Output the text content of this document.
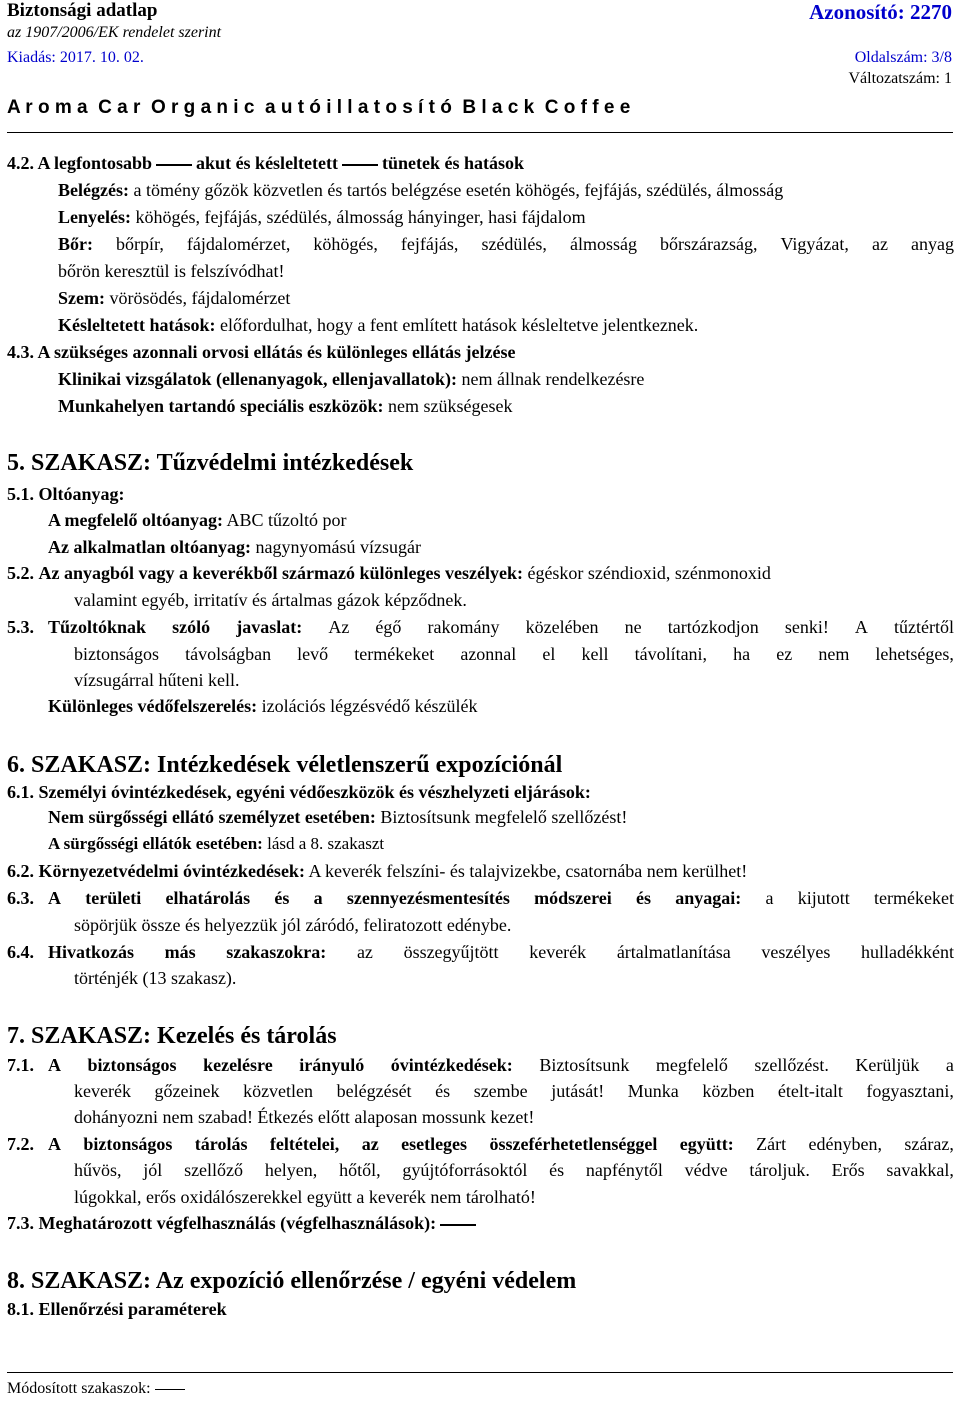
Biztonsági adatlap
az 1907/2006/EK rendelet szerint
Azonosító: 2270
Kiadás: 2017. 10. 02.	Oldalszám: 3/8
Változatszám: 1
A r o m a  C a r  O r g a n i c  a u t ó i l l a t o s í t ó  B l a c k  C o f f e e
4.2. A legfontosabb akut és késleltetett tünetek és hatások
Belégzés: a tömény gőzök közvetlen és tartós belégzése esetén köhögés, fejfájás, szédülés, álmosság
Lenyelés: köhögés, fejfájás, szédülés, álmosság hányinger, hasi fájdalom
Bőr: bőrpír, fájdalomérzet, köhögés, fejfájás, szédülés, álmosság bőrszárazság, Vigyázat, az anyag
bőrön keresztül is felszívódhat!
Szem: vörösödés, fájdalomérzet
Késleltetett hatások: előfordulhat, hogy a fent említett hatások késleltetve jelentkeznek.
4.3. A szükséges azonnali orvosi ellátás és különleges ellátás jelzése
Klinikai vizsgálatok (ellenanyagok, ellenjavallatok): nem állnak rendelkezésre
Munkahelyen tartandó speciális eszközök: nem szükségesek
5. SZAKASZ: Tűzvédelmi intézkedések
5.1. Oltóanyag:
A megfelelő oltóanyag: ABC tűzoltó por
Az alkalmatlan oltóanyag: nagynyomású vízsugár
5.2. Az anyagból vagy a keverékből származó különleges veszélyek: égéskor széndioxid, szénmonoxid
valamint egyéb, irritatív és ártalmas gázok képződnek.
5.3. Tűzoltóknak szóló javaslat: Az égő rakomány közelében ne tartózkodjon senki! A tűztértől
biztonságos távolságban levő termékeket azonnal el kell távolítani, ha ez nem lehetséges,
vízsugárral hűteni kell.
Különleges védőfelszerelés: izolációs légzésvédő készülék
6. SZAKASZ: Intézkedések véletlenszerű expozíciónál
6.1. Személyi óvintézkedések, egyéni védőeszközök és vészhelyzeti eljárások:
Nem sürgősségi ellátó személyzet esetében: Biztosítsunk megfelelő szellőzést!
A sürgősségi ellátók esetében: lásd a 8. szakaszt
6.2. Környezetvédelmi óvintézkedések: A keverék felszíni- és talajvizekbe, csatornába nem kerülhet!
6.3. A területi elhatárolás és a szennyezésmentesítés módszerei és anyagai: a kijutott termékeket
söpörjük össze és helyezzük jól záródó, feliratozott edénybe.
6.4. Hivatkozás más szakaszokra: az összegyűjtött keverék ártalmatlanítása veszélyes hulladékként
történjék (13 szakasz).
7. SZAKASZ: Kezelés és tárolás
7.1. A biztonságos kezelésre irányuló óvintézkedések: Biztosítsunk megfelelő szellőzést. Kerüljük a
keverék gőzeinek közvetlen belégzését és szembe jutását! Munka közben ételt-italt fogyasztani,
dohányozni nem szabad! Étkezés előtt alaposan mossunk kezet!
7.2. A biztonságos tárolás feltételei, az esetleges összeférhetetlenséggel együtt: Zárt edényben, száraz,
hűvös, jól szellőző helyen, hőtől, gyújtóforrásoktól és napfénytől védve tároljuk. Erős savakkal,
lúgokkal, erős oxidálószerekkel együtt a keverék nem tárolható!
7.3. Meghatározott végfelhasználás (végfelhasználások):
8. SZAKASZ: Az expozíció ellenőrzése / egyéni védelem
8.1. Ellenőrzési paraméterek
Módosított szakaszok:
